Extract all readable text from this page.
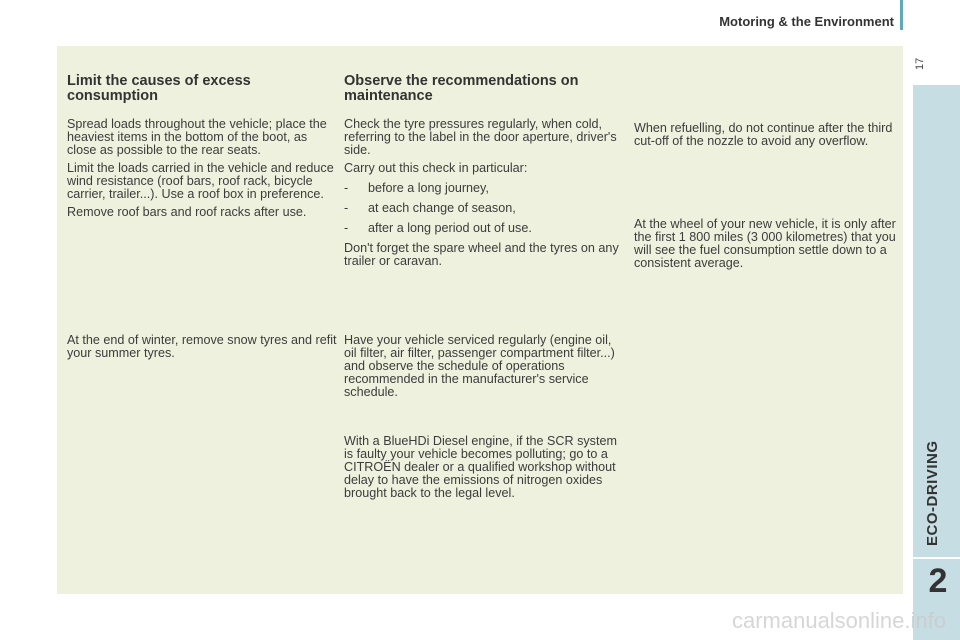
Motoring & the Environment
17
Limit the causes of excess consumption

Spread loads throughout the vehicle; place the heaviest items in the bottom of the boot, as close as possible to the rear seats.

Limit the loads carried in the vehicle and reduce wind resistance (roof bars, roof rack, bicycle carrier, trailer...). Use a roof box in preference.

Remove roof bars and roof racks after use.

At the end of winter, remove snow tyres and refit your summer tyres.

Observe the recommendations on maintenance

Check the tyre pressures regularly, when cold, referring to the label in the door aperture, driver's side.

Carry out this check in particular:

-	before a long journey,
-	at each change of season,
-	after a long period out of use.

Don't forget the spare wheel and the tyres on any trailer or caravan.

Have your vehicle serviced regularly (engine oil, oil filter, air filter, passenger compartment filter...) and observe the schedule of operations recommended in the manufacturer's service schedule.

With a BlueHDi Diesel engine, if the SCR system is faulty your vehicle becomes polluting; go to a CITROËN dealer or a qualified workshop without delay to have the emissions of nitrogen oxides brought back to the legal level.

When refuelling, do not continue after the third cut-off of the nozzle to avoid any overflow.

At the wheel of your new vehicle, it is only after the first 1 800 miles (3 000 kilometres) that you will see the fuel consumption settle down to a consistent average.

ECO-DRIVING
2
carmanualsonline.info
